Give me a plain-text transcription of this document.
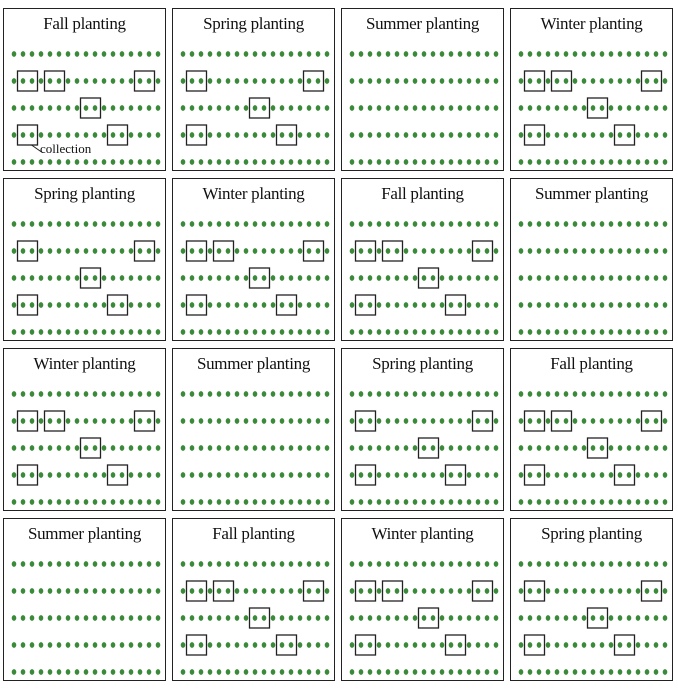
Fall planting
collection
Spring planting	Summer planting	Winter planting
Spring planting	Winter planting	Fall planting	Summer planting
Winter planting	Summer planting	Spring planting	Fall planting
Summer planting	Fall planting	Winter planting	Spring planting
